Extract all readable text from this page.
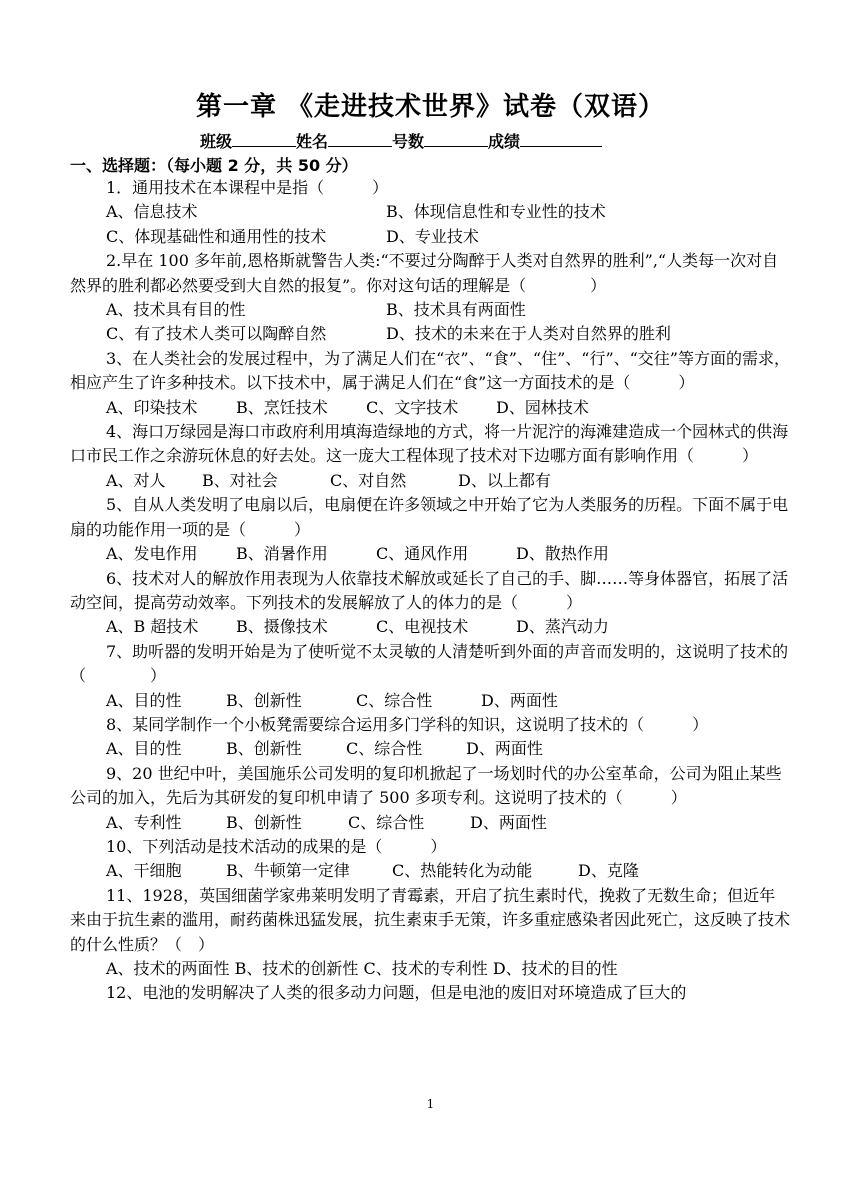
第一章 《走进技术世界》试卷（双语）
班级	姓名	号数	成绩
一、选择题：（每小题 2 分，共 50 分）

1．通用技术在本课程中是指（　　　）

A、信息技术	B、体现信息性和专业性的技术

C、体现基础性和通用性的技术	D、专业技术

2.早在 100 多年前,恩格斯就警告人类:“不要过分陶醉于人类对自然界的胜利”,“人类每一次对自然界的胜利都必然要受到大自然的报复”。你对这句话的理解是（　　　　）

A、技术具有目的性	B、技术具有两面性

C、有了技术人类可以陶醉自然	D、技术的未来在于人类对自然界的胜利

3、在人类社会的发展过程中，为了满足人们在“衣”、“食”、“住”、“行”、“交往”等方面的需求，相应产生了许多种技术。以下技术中，属于满足人们在“食”这一方面技术的是（　　　）

A、印染技术 B、烹饪技术 C、文字技术 D、园林技术

4、海口万绿园是海口市政府利用填海造绿地的方式，将一片泥泞的海滩建造成一个园林式的供海口市民工作之余游玩休息的好去处。这一庞大工程体现了技术对下边哪方面有影响作用（　　　）

A、对人 B、对社会	C、对自然	D、以上都有

5、自从人类发明了电扇以后，电扇便在许多领域之中开始了它为人类服务的历程。下面不属于电扇的功能作用一项的是（　　　）

A、发电作用 B、消暑作用	C、通风作用	D、散热作用

6、技术对人的解放作用表现为人依靠技术解放或延长了自己的手、脚……等身体器官，拓展了活动空间，提高劳动效率。下列技术的发展解放了人的体力的是（　　　）

A、B 超技术 B、摄像技术	C、电视技术	D、蒸汽动力

7、助听器的发明开始是为了使听觉不太灵敏的人清楚听到外面的声音而发明的，这说明了技术的　（　　　　）

A、目的性	B、创新性	C、综合性	D、两面性

8、某同学制作一个小板凳需要综合运用多门学科的知识，这说明了技术的（　　　）

A、目的性	B、创新性	C、综合性	D、两面性

9、20 世纪中叶，美国施乐公司发明的复印机掀起了一场划时代的办公室革命，公司为阻止某些公司的加入，先后为其研发的复印机申请了 500 多项专利。这说明了技术的（　　　）

A、专利性	B、创新性	C、综合性	D、两面性

10、下列活动是技术活动的成果的是（　　　）

A、干细胞	B、牛顿第一定律	C、热能转化为动能	D、克隆

11、1928，英国细菌学家弗莱明发明了青霉素，开启了抗生素时代，挽救了无数生命；但近年来由于抗生素的滥用，耐药菌株迅猛发展，抗生素束手无策，许多重症感染者因此死亡，这反映了技术的什么性质？（　）

A、技术的两面性 B、技术的创新性 C、技术的专利性 D、技术的目的性

12、电池的发明解决了人类的很多动力问题，但是电池的废旧对环境造成了巨大的

1
